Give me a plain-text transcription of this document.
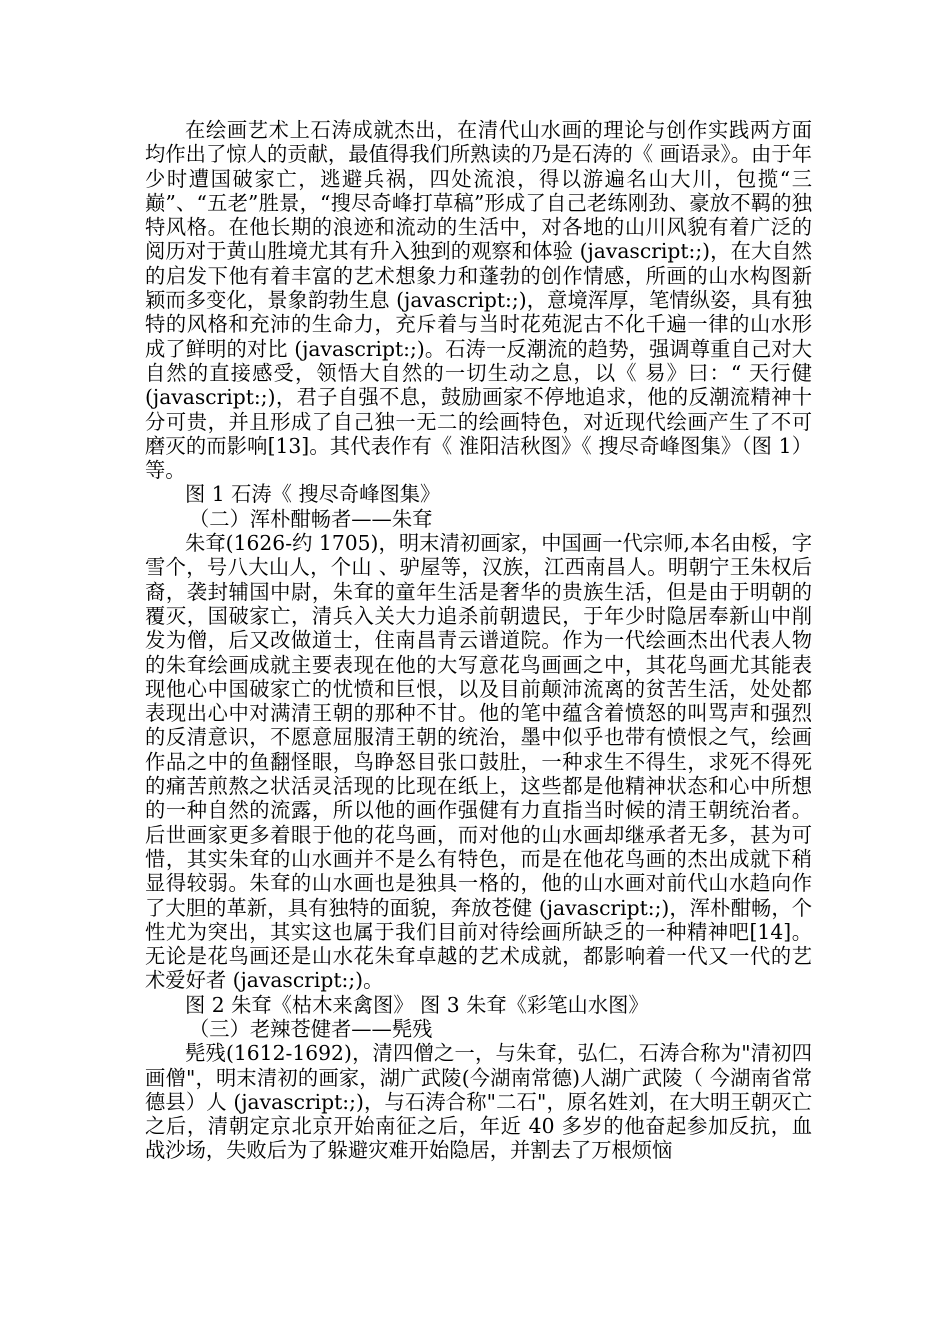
在绘画艺术上石涛成就杰出，在清代山水画的理论与创作实践两方面均作出了惊人的贡献，最值得我们所熟读的乃是石涛的《 画语录》。由于年少时遭国破家亡，逃避兵祸，四处流浪，得以游遍名山大川，包揽“三巅”、“五老”胜景，“搜尽奇峰打草稿”形成了自己老练刚劲、豪放不羁的独特风格。在他长期的浪迹和流动的生活中，对各地的山川风貌有着广泛的阅历对于黄山胜境尤其有升入独到的观察和体验 (javascript:;)，在大自然的启发下他有着丰富的艺术想象力和蓬勃的创作情感，所画的山水构图新颖而多变化，景象韵勃生息 (javascript:;)，意境浑厚，笔情纵姿，具有独特的风格和充沛的生命力，充斥着与当时花苑泥古不化千遍一律的山水形成了鲜明的对比 (javascript:;)。石涛一反潮流的趋势，强调尊重自己对大自然的直接感受，领悟大自然的一切生动之息，以《 易》曰：“ 天行健 (javascript:;)，君子自强不息，鼓励画家不停地追求，他的反潮流精神十分可贵，并且形成了自己独一无二的绘画特色，对近现代绘画产生了不可磨灭的而影响[13]。其代表作有《 淮阳洁秋图》《 搜尽奇峰图集》（图 1）等。

图 1 石涛《 搜尽奇峰图集》

（二）浑朴酣畅者——朱耷

朱耷(1626-约 1705)，明末清初画家，中国画一代宗师,本名由桵，字雪个，号八大山人，个山 、驴屋等，汉族，江西南昌人。明朝宁王朱权后裔，袭封辅国中尉，朱耷的童年生活是奢华的贵族生活，但是由于明朝的覆灭，国破家亡，清兵入关大力追杀前朝遗民，于年少时隐居奉新山中削发为僧，后又改做道士，住南昌青云谱道院。作为一代绘画杰出代表人物的朱耷绘画成就主要表现在他的大写意花鸟画画之中，其花鸟画尤其能表现他心中国破家亡的忧愤和巨恨，以及目前颠沛流离的贫苦生活，处处都表现出心中对满清王朝的那种不甘。他的笔中蕴含着愤怒的叫骂声和强烈的反清意识，不愿意屈服清王朝的统治，墨中似乎也带有愤恨之气，绘画作品之中的鱼翻怪眼，鸟睁怒目张口鼓肚，一种求生不得生，求死不得死的痛苦煎熬之状活灵活现的比现在纸上，这些都是他精神状态和心中所想的一种自然的流露，所以他的画作强健有力直指当时候的清王朝统治者。后世画家更多着眼于他的花鸟画，而对他的山水画却继承者无多，甚为可惜，其实朱耷的山水画并不是么有特色，而是在他花鸟画的杰出成就下稍显得较弱。朱耷的山水画也是独具一格的，他的山水画对前代山水趋向作了大胆的革新，具有独特的面貌，奔放苍健 (javascript:;)，浑朴酣畅，个性尤为突出，其实这也属于我们目前对待绘画所缺乏的一种精神吧[14]。无论是花鸟画还是山水花朱耷卓越的艺术成就，都影响着一代又一代的艺术爱好者 (javascript:;)。

图 2 朱耷《枯木来禽图》 图 3 朱耷《彩笔山水图》

（三）老辣苍健者——髡残

髡残(1612-1692)，清四僧之一，与朱耷，弘仁，石涛合称为"清初四画僧"，明末清初的画家，湖广武陵(今湖南常德)人湖广武陵（ 今湖南省常德县）人 (javascript:;)，与石涛合称"二石"，原名姓刘，在大明王朝灭亡之后，清朝定京北京开始南征之后，年近 40 多岁的他奋起参加反抗，血战沙场，失败后为了躲避灾难开始隐居，并割去了万根烦恼
